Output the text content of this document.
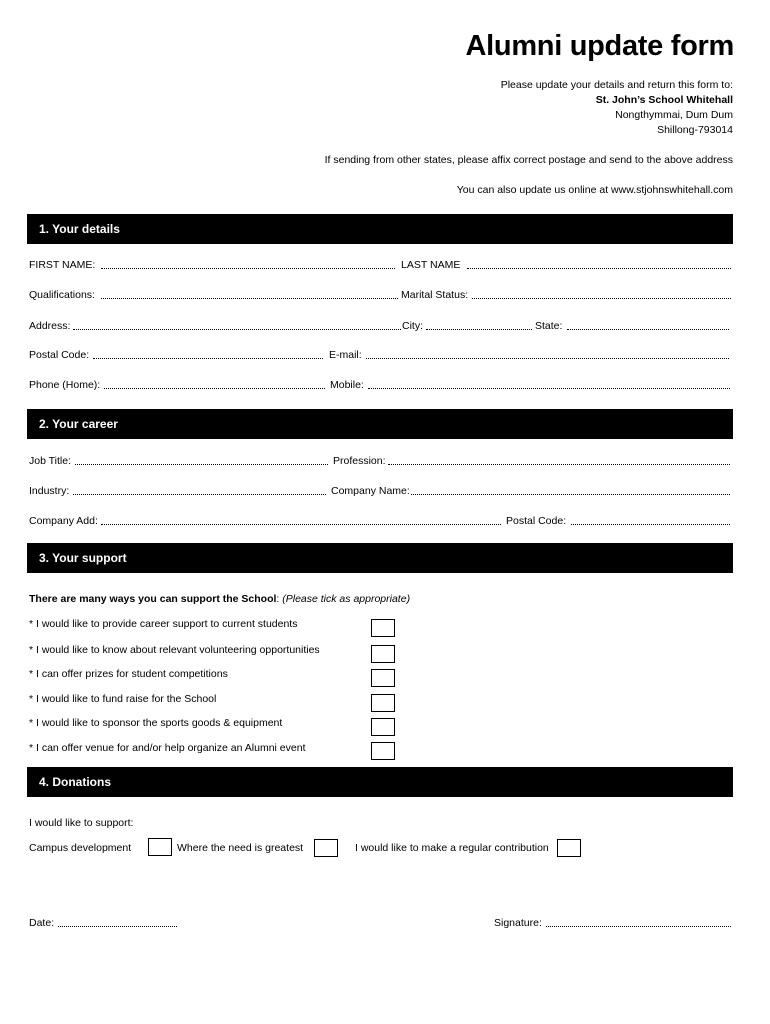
Alumni update form
Please update your details and return this form to:
St. John’s School Whitehall
Nongthymmai, Dum Dum
Shillong-793014
If sending from other states, please affix correct postage and send to the above address
You can also update us online at www.stjohnswhitehall.com
1. Your details
FIRST NAME:	LAST NAME
Qualifications:	Marital Status:
Address:	City:	State:
Postal Code:	E-mail:
Phone (Home):	Mobile:
2. Your career
Job Title:	Profession:
Industry:	Company Name:
Company Add:	Postal Code:
3. Your support
There are many ways you can support the School: (Please tick as appropriate)
* I would like to provide career support to current students
* I would like to know about relevant volunteering opportunities
* I can offer prizes for student competitions
* I would like to fund raise for the School
* I would like to sponsor the sports goods & equipment
* I can offer venue for and/or help organize an Alumni event
4. Donations
I would like to support:
Campus development	Where the need is greatest	I would like to make a regular contribution
Date:	Signature:
